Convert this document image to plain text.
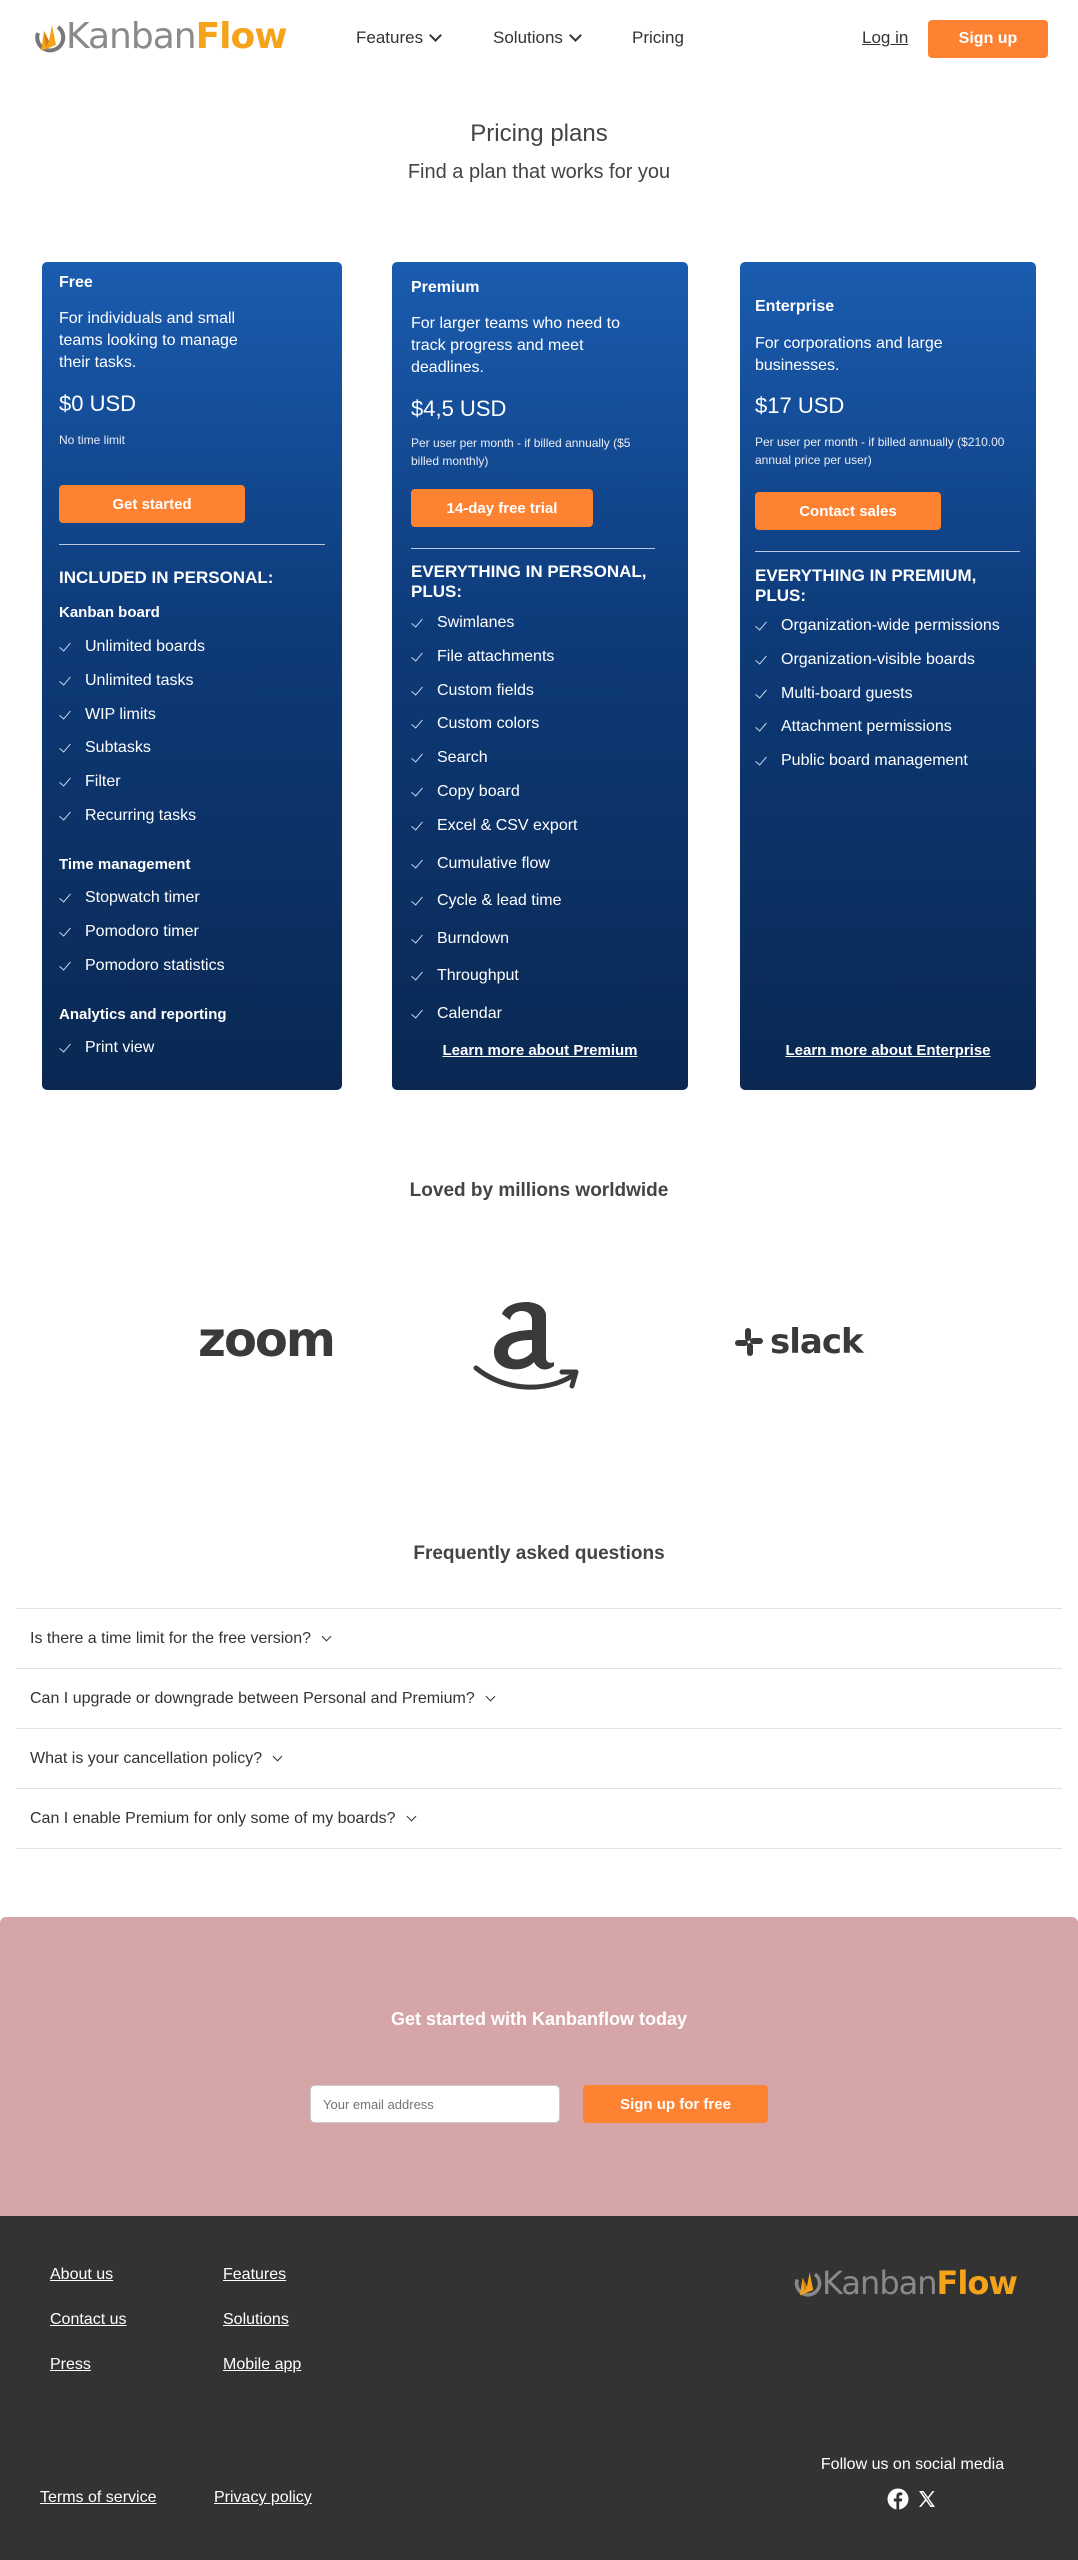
KanbanFlow	Features	Solutions	Pricing	Log in	Sign up
Pricing plans
Find a plan that works for you
Free
For individuals and small teams looking to manage their tasks.
$0 USD
No time limit
Get started
INCLUDED IN PERSONAL:
Kanban board
Unlimited boards
Unlimited tasks
WIP limits
Subtasks
Filter
Recurring tasks
Time management
Stopwatch timer
Pomodoro timer
Pomodoro statistics
Analytics and reporting
Print view
Premium
For larger teams who need to track progress and meet deadlines.
$4,5 USD
Per user per month - if billed annually ($5 billed monthly)
14-day free trial
EVERYTHING IN PERSONAL, PLUS:
Swimlanes
File attachments
Custom fields
Custom colors
Search
Copy board
Excel & CSV export
Cumulative flow
Cycle & lead time
Burndown
Throughput
Calendar
Learn more about Premium
Enterprise
For corporations and large businesses.
$17 USD
Per user per month - if billed annually ($210.00 annual price per user)
Contact sales
EVERYTHING IN PREMIUM, PLUS:
Organization-wide permissions
Organization-visible boards
Multi-board guests
Attachment permissions
Public board management
Learn more about Enterprise
Loved by millions worldwide
zoom	slack
Frequently asked questions
Is there a time limit for the free version?
Can I upgrade or downgrade between Personal and Premium?
What is your cancellation policy?
Can I enable Premium for only some of my boards?
Get started with Kanbanflow today
Your email address
Sign up for free
About us
Contact us
Press
Features
Solutions
Mobile app
KanbanFlow
Terms of service	Privacy policy
Follow us on social media
